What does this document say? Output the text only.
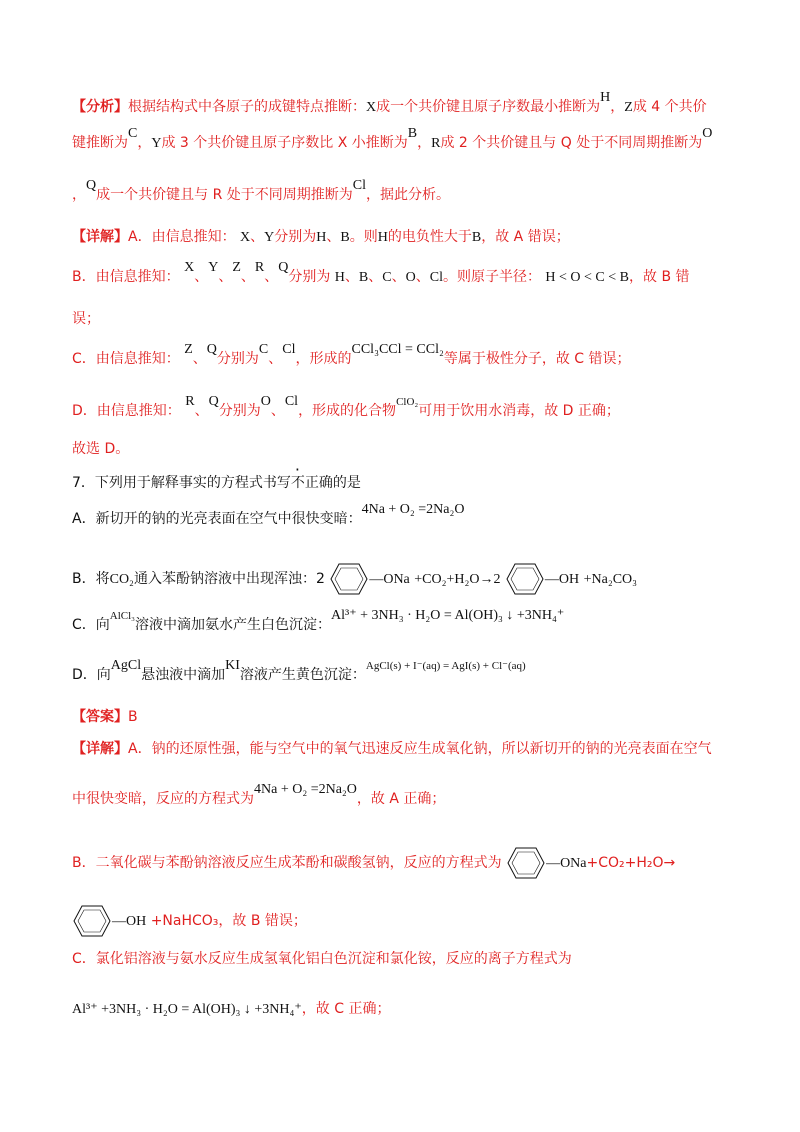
【分析】根据结构式中各原子的成键特点推断：X成一个共价键且原子序数最小推断为H，Z成 4 个共价
键推断为C，Y成 3 个共价键且原子序数比 X 小推断为B，R成 2 个共价键且与 Q 处于不同周期推断为O
，Q成一个共价键且与 R 处于不同周期推断为Cl，据此分析。
【详解】A．由信息推知： X、Y分别为H、B。则H的电负性大于B，故 A 错误；
B．由信息推知： X、Y、Z、R、Q分别为 H、B、C、O、Cl。则原子半径： H < O < C < B，故 B 错
误；
C．由信息推知： Z、Q分别为C、Cl，形成的CCl₃CCl = CCl₂等属于极性分子，故 C 错误；
D．由信息推知： R、Q分别为O、Cl，形成的化合物$^{ClO_2}$可用于饮用水消毒，故 D 正确；
故选 D。
7．下列用于解释事实的方程式书写不正确的是
A．新切开的钠的光亮表面在空气中很快变暗：4Na + O₂ =2Na₂O
B．将CO₂通入苯酚钠溶液中出现浑浊：2	—ONa +CO₂+H₂O→2	—OH +Na₂CO₃
C．向$^{AlCl_3}$溶液中滴加氨水产生白色沉淀：Al³⁺ + 3NH₃ · H₂O = Al(OH)₃ ↓ +3NH₄⁺
D．向AgCl悬浊液中滴加KI溶液产生黄色沉淀：$^{AgCl(s) + I^-(aq) = AgI(s) + Cl^-(aq)}$
【答案】B
【详解】A．钠的还原性强，能与空气中的氧气迅速反应生成氧化钠，所以新切开的钠的光亮表面在空气
中很快变暗，反应的方程式为4Na + O₂ =2Na₂O，故 A 正确；
B．二氧化碳与苯酚钠溶液反应生成苯酚和碳酸氢钠，反应的方程式为	—ONa+CO₂+H₂O→
—OH +NaHCO₃，故 B 错误；
C．氯化铝溶液与氨水反应生成氢氧化铝白色沉淀和氯化铵，反应的离子方程式为
Al³⁺ +3NH₃ · H₂O = Al(OH)₃ ↓ +3NH₄⁺，故 C 正确；
